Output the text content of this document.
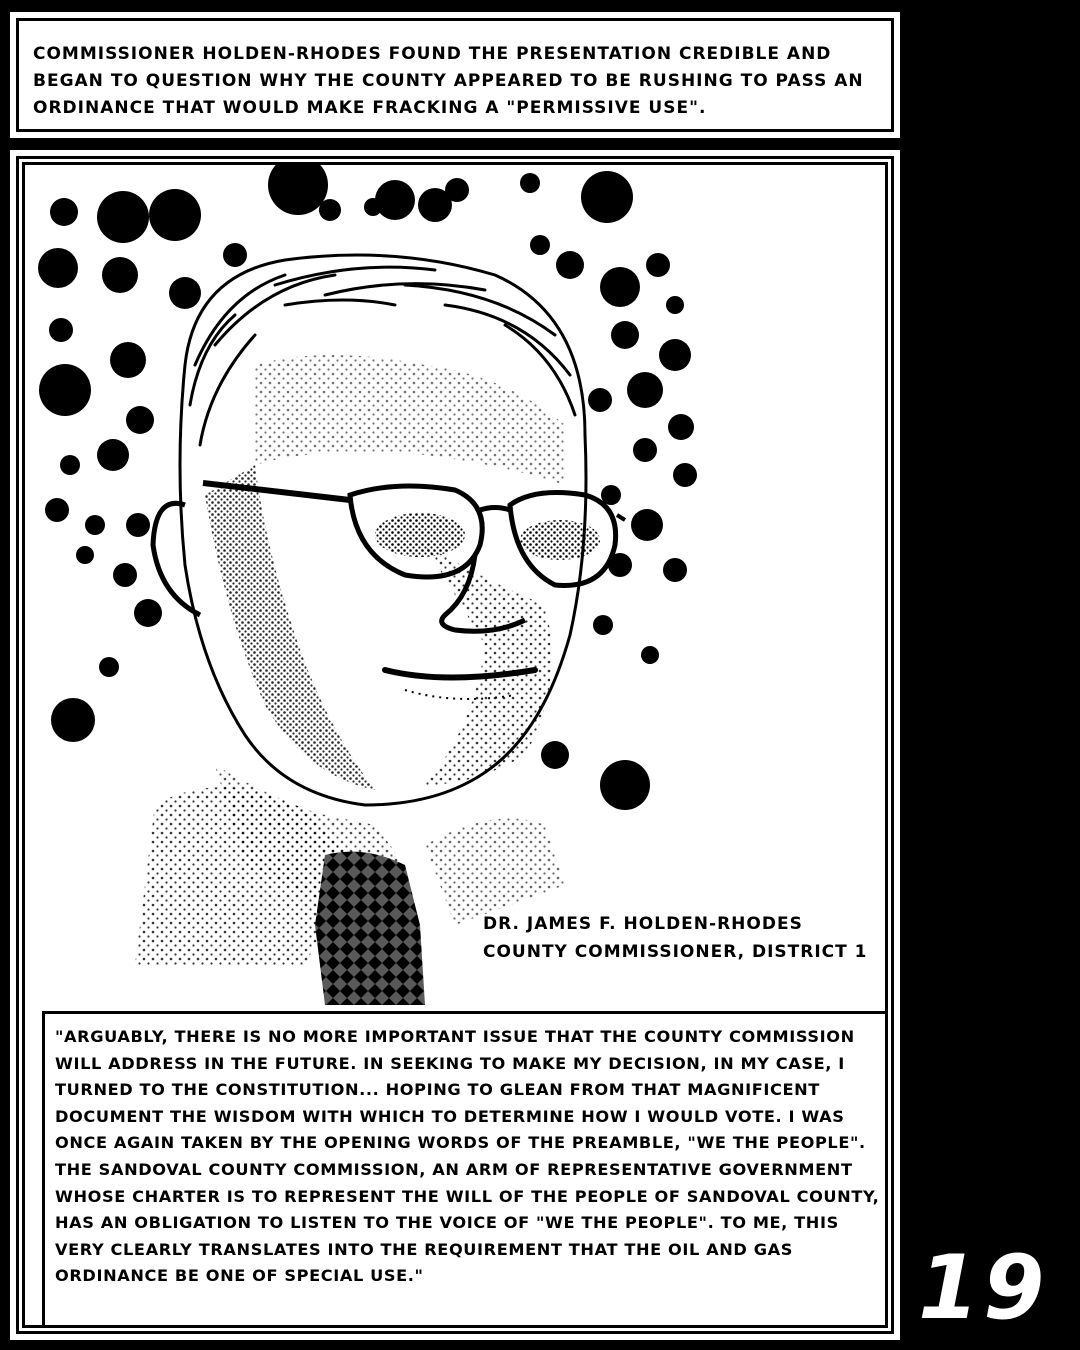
COMMISSIONER HOLDEN-RHODES FOUND THE PRESENTATION CREDIBLE AND BEGAN TO QUESTION WHY THE COUNTY APPEARED TO BE RUSHING TO PASS AN ORDINANCE THAT WOULD MAKE FRACKING A "PERMISSIVE USE".
DR. JAMES F. HOLDEN-RHODES
COUNTY COMMISSIONER, DISTRICT 1
"ARGUABLY, THERE IS NO MORE IMPORTANT ISSUE THAT THE COUNTY COMMISSION WILL ADDRESS IN THE FUTURE. IN SEEKING TO MAKE MY DECISION, IN MY CASE, I TURNED TO THE CONSTITUTION... HOPING TO GLEAN FROM THAT MAGNIFICENT DOCUMENT THE WISDOM WITH WHICH TO DETERMINE HOW I WOULD VOTE. I WAS ONCE AGAIN TAKEN BY THE OPENING WORDS OF THE PREAMBLE, "WE THE PEOPLE". THE SANDOVAL COUNTY COMMISSION, AN ARM OF REPRESENTATIVE GOVERNMENT WHOSE CHARTER IS TO REPRESENT THE WILL OF THE PEOPLE OF SANDOVAL COUNTY, HAS AN OBLIGATION TO LISTEN TO THE VOICE OF "WE THE PEOPLE". TO ME, THIS VERY CLEARLY TRANSLATES INTO THE REQUIREMENT THAT THE OIL AND GAS ORDINANCE BE ONE OF SPECIAL USE."	19
